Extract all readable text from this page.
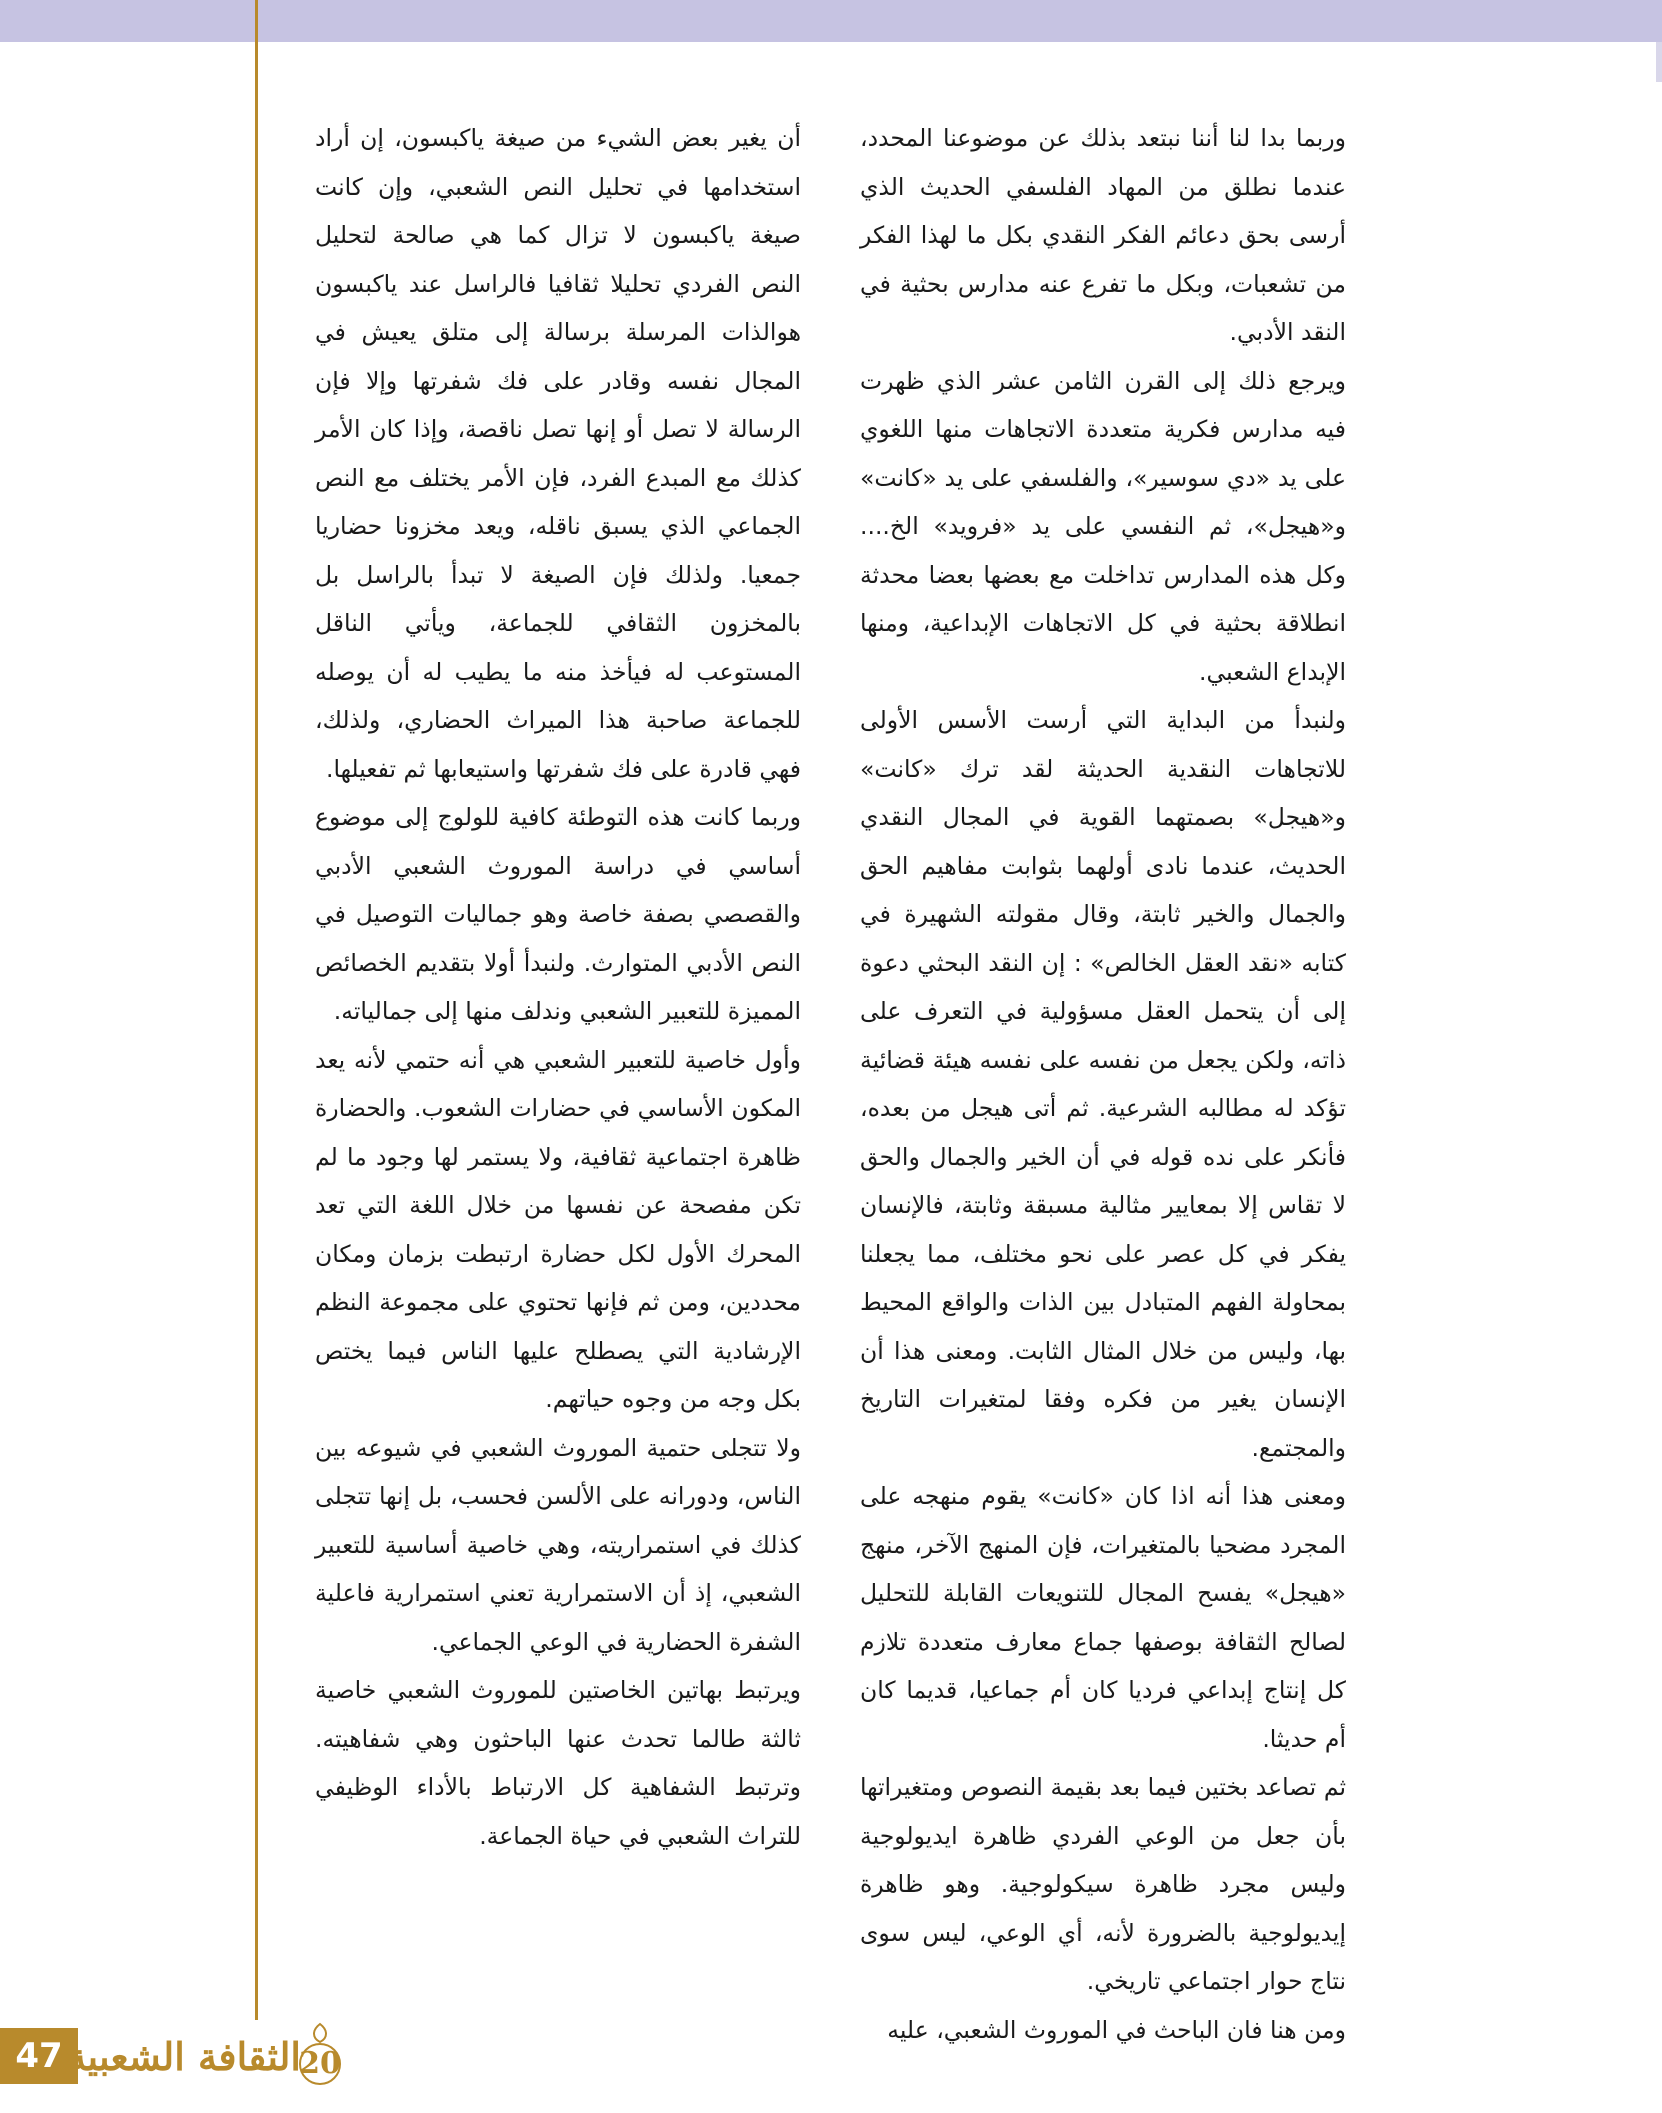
وربما بدا لنا أننا نبتعد بذلك عن موضوعنا المحدد، عندما نطلق من المهاد الفلسفي الحديث الذي أرسى بحق دعائم الفكر النقدي بكل ما لهذا الفكر من تشعبات، وبكل ما تفرع عنه مدارس بحثية في النقد الأدبي.

ويرجع ذلك إلى القرن الثامن عشر الذي ظهرت فيه مدارس فكرية متعددة الاتجاهات منها اللغوي على يد «دي سوسير»، والفلسفي على يد «كانت» و«هيجل»، ثم النفسي على يد «فرويد» الخ.... وكل هذه المدارس تداخلت مع بعضها بعضا محدثة انطلاقة بحثية في كل الاتجاهات الإبداعية، ومنها الإبداع الشعبي.

ولنبدأ من البداية التي أرست الأسس الأولى للاتجاهات النقدية الحديثة لقد ترك «كانت» و«هيجل» بصمتهما القوية في المجال النقدي الحديث، عندما نادى أولهما بثوابت مفاهيم الحق والجمال والخير ثابتة، وقال مقولته الشهيرة في كتابه «نقد العقل الخالص» : إن النقد البحثي دعوة إلى أن يتحمل العقل مسؤولية في التعرف على ذاته، ولكن يجعل من نفسه على نفسه هيئة قضائية تؤكد له مطالبه الشرعية. ثم أتى هيجل من بعده، فأنكر على نده قوله في أن الخير والجمال والحق لا تقاس إلا بمعايير مثالية مسبقة وثابتة، فالإنسان يفكر في كل عصر على نحو مختلف، مما يجعلنا بمحاولة الفهم المتبادل بين الذات والواقع المحيط بها، وليس من خلال المثال الثابت. ومعنى هذا أن الإنسان يغير من فكره وفقا لمتغيرات التاريخ والمجتمع.

ومعنى هذا أنه اذا كان «كانت» يقوم منهجه على المجرد مضحيا بالمتغيرات، فإن المنهج الآخر، منهج «هيجل» يفسح المجال للتنويعات القابلة للتحليل لصالح الثقافة بوصفها جماع معارف متعددة تلازم كل إنتاج إبداعي فرديا كان أم جماعيا، قديما كان أم حديثا.

ثم تصاعد بختين فيما بعد بقيمة النصوص ومتغيراتها بأن جعل من الوعي الفردي ظاهرة ايديولوجية وليس مجرد ظاهرة سيكولوجية. وهو ظاهرة إيديولوجية بالضرورة لأنه، أي الوعي، ليس سوى نتاج حوار اجتماعي تاريخي.

ومن هنا فان الباحث في الموروث الشعبي، عليه

أن يغير بعض الشيء من صيغة ياكبسون، إن أراد استخدامها في تحليل النص الشعبي، وإن كانت صيغة ياكبسون لا تزال كما هي صالحة لتحليل النص الفردي تحليلا ثقافيا فالراسل عند ياكبسون هوالذات المرسلة برسالة إلى متلق يعيش في المجال نفسه وقادر على فك شفرتها وإلا فإن الرسالة لا تصل أو إنها تصل ناقصة، وإذا كان الأمر كذلك مع المبدع الفرد، فإن الأمر يختلف مع النص الجماعي الذي يسبق ناقله، ويعد مخزونا حضاريا جمعيا. ولذلك فإن الصيغة لا تبدأ بالراسل بل بالمخزون الثقافي للجماعة، ويأتي الناقل المستوعب له فيأخذ منه ما يطيب له أن يوصله للجماعة صاحبة هذا الميراث الحضاري، ولذلك، فهي قادرة على فك شفرتها واستيعابها ثم تفعيلها.

وربما كانت هذه التوطئة كافية للولوج إلى موضوع أساسي في دراسة الموروث الشعبي الأدبي والقصصي بصفة خاصة وهو جماليات التوصيل في النص الأدبي المتوارث. ولنبدأ أولا بتقديم الخصائص المميزة للتعبير الشعبي وندلف منها إلى جمالياته.

وأول خاصية للتعبير الشعبي هي أنه حتمي لأنه يعد المكون الأساسي في حضارات الشعوب. والحضارة ظاهرة اجتماعية ثقافية، ولا يستمر لها وجود ما لم تكن مفصحة عن نفسها من خلال اللغة التي تعد المحرك الأول لكل حضارة ارتبطت بزمان ومكان محددين، ومن ثم فإنها تحتوي على مجموعة النظم الإرشادية التي يصطلح عليها الناس فيما يختص بكل وجه من وجوه حياتهم.

ولا تتجلى حتمية الموروث الشعبي في شيوعه بين الناس، ودورانه على الألسن فحسب، بل إنها تتجلى كذلك في استمراريته، وهي خاصية أساسية للتعبير الشعبي، إذ أن الاستمرارية تعني استمرارية فاعلية الشفرة الحضارية في الوعي الجماعي.

ويرتبط بهاتين الخاصتين للموروث الشعبي خاصية ثالثة طالما تحدث عنها الباحثون وهي شفاهيته. وترتبط الشفاهية كل الارتباط بالأداء الوظيفي للتراث الشعبي في حياة الجماعة.

47 الثقافة الشعبية
20
